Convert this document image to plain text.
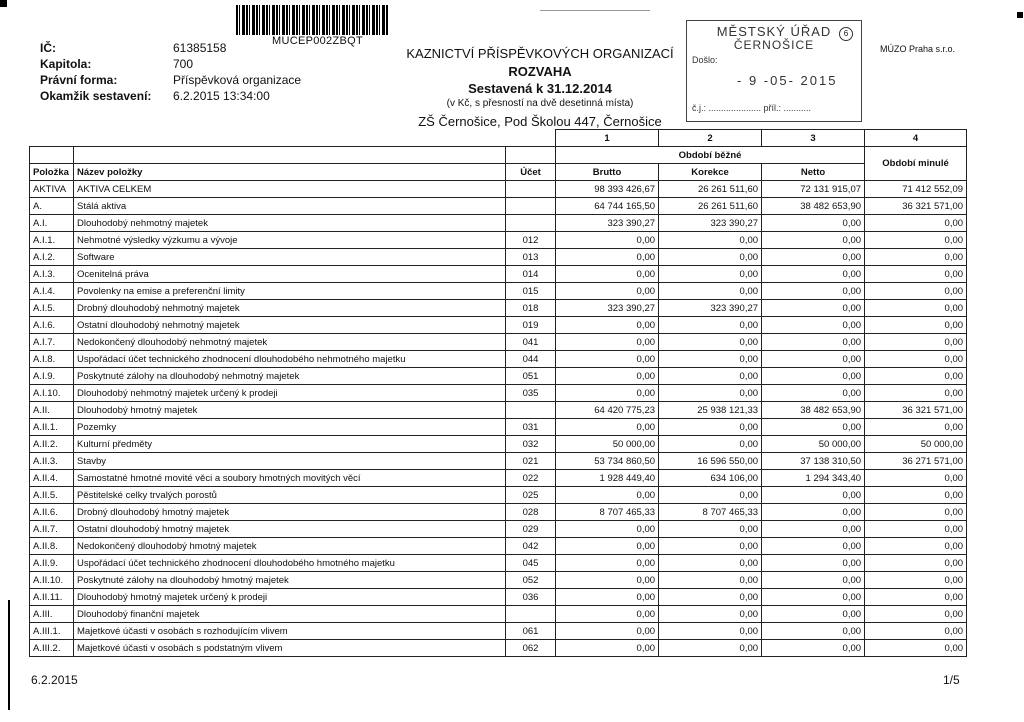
MUCEP002ZBQT
IČ:	61385158
Kapitola:	700
Právní forma:	Příspěvková organizace
Okamžik sestavení: 6.2.2015 13:34:00
KAZNICTVÍ PŘÍSPĚVKOVÝCH ORGANIZACÍ
ROZVAHA
Sestavená k 31.12.2014
(v Kč, s přesností na dvě desetinná místa)
ZŠ Černošice, Pod Školou 447, Černošice
MĚSTSKÝ ÚŘAD
ČERNOŠICE
6
Došlo:
- 9 -05- 2015
č.j.: ..................... příl.: ...........
MÚZO Praha s.r.o.
			1	2	3	4
			Období běžné			Období minulé
Položka	Název položky	Účet	Brutto	Korekce	Netto	
AKTIVA	AKTIVA CELKEM		98 393 426,67	26 261 511,60	72 131 915,07	71 412 552,09
A.	Stálá aktiva		64 744 165,50	26 261 511,60	38 482 653,90	36 321 571,00
A.I.	Dlouhodobý nehmotný majetek		323 390,27	323 390,27	0,00	0,00
A.I.1.	Nehmotné výsledky výzkumu a vývoje	012	0,00	0,00	0,00	0,00
A.I.2.	Software	013	0,00	0,00	0,00	0,00
A.I.3.	Ocenitelná práva	014	0,00	0,00	0,00	0,00
A.I.4.	Povolenky na emise a preferenční limity	015	0,00	0,00	0,00	0,00
A.I.5.	Drobný dlouhodobý nehmotný majetek	018	323 390,27	323 390,27	0,00	0,00
A.I.6.	Ostatní dlouhodobý nehmotný majetek	019	0,00	0,00	0,00	0,00
A.I.7.	Nedokončený dlouhodobý nehmotný majetek	041	0,00	0,00	0,00	0,00
A.I.8.	Uspořádací účet technického zhodnocení dlouhodobého nehmotného majetku	044	0,00	0,00	0,00	0,00
A.I.9.	Poskytnuté zálohy na dlouhodobý nehmotný majetek	051	0,00	0,00	0,00	0,00
A.I.10.	Dlouhodobý nehmotný majetek určený k prodeji	035	0,00	0,00	0,00	0,00
A.II.	Dlouhodobý hmotný majetek		64 420 775,23	25 938 121,33	38 482 653,90	36 321 571,00
A.II.1.	Pozemky	031	0,00	0,00	0,00	0,00
A.II.2.	Kulturní předměty	032	50 000,00	0,00	50 000,00	50 000,00
A.II.3.	Stavby	021	53 734 860,50	16 596 550,00	37 138 310,50	36 271 571,00
A.II.4.	Samostatné hmotné movité věci a soubory hmotných movitých věcí	022	1 928 449,40	634 106,00	1 294 343,40	0,00
A.II.5.	Pěstitelské celky trvalých porostů	025	0,00	0,00	0,00	0,00
A.II.6.	Drobný dlouhodobý hmotný majetek	028	8 707 465,33	8 707 465,33	0,00	0,00
A.II.7.	Ostatní dlouhodobý hmotný majetek	029	0,00	0,00	0,00	0,00
A.II.8.	Nedokončený dlouhodobý hmotný majetek	042	0,00	0,00	0,00	0,00
A.II.9.	Uspořádací účet technického zhodnocení dlouhodobého hmotného majetku	045	0,00	0,00	0,00	0,00
A.II.10.	Poskytnuté zálohy na dlouhodobý hmotný majetek	052	0,00	0,00	0,00	0,00
A.II.11.	Dlouhodobý hmotný majetek určený k prodeji	036	0,00	0,00	0,00	0,00
A.III.	Dlouhodobý finanční majetek		0,00	0,00	0,00	0,00
A.III.1.	Majetkové účasti v osobách s rozhodujícím vlivem	061	0,00	0,00	0,00	0,00
A.III.2.	Majetkové účasti v osobách s podstatným vlivem	062	0,00	0,00	0,00	0,00
6.2.2015	1/5
